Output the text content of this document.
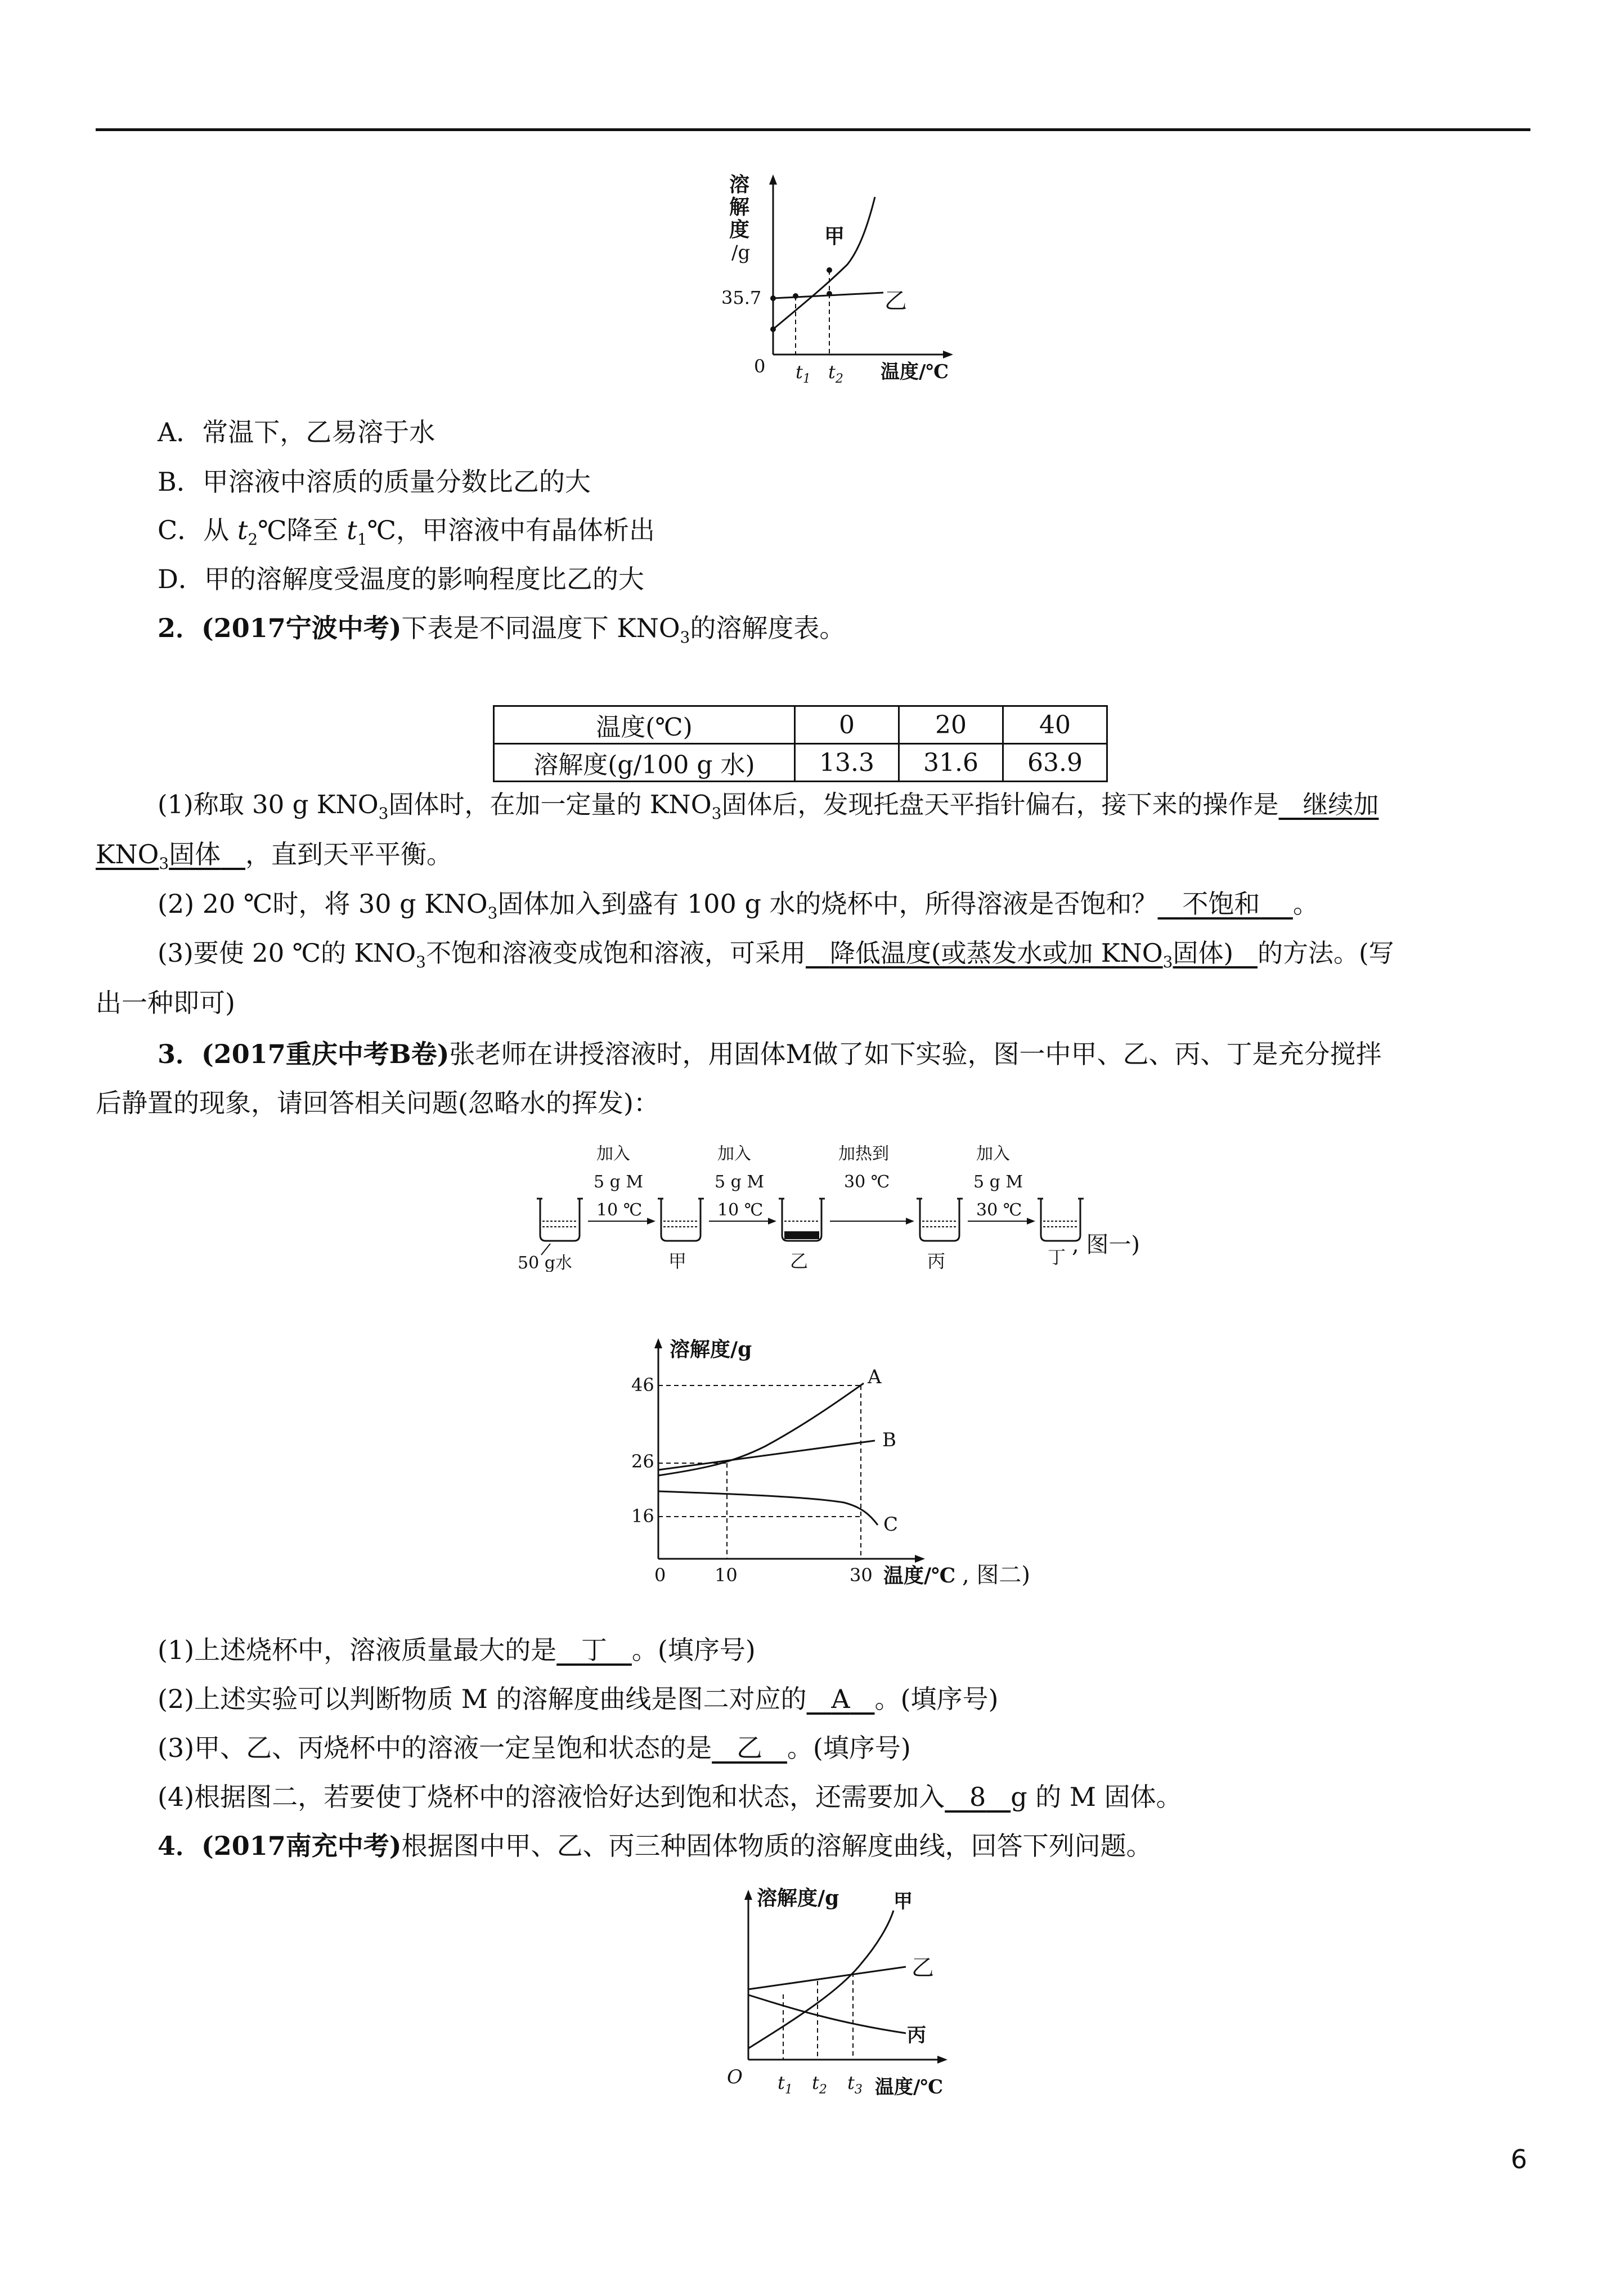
溶
解
度
/g
35.7
0 $t_1$ $t_2$ 温度/℃
甲
乙
A．常温下，乙易溶于水
B．甲溶液中溶质的质量分数比乙的大
C．从 $t_2℃$降至 $t_1℃$，甲溶液中有晶体析出
D．甲的溶解度受温度的影响程度比乙的大
2．(2017宁波中考)下表是不同温度下 $KNO_3$的溶解度表。
温度(℃)	0	20	40
溶解度(g/100 g 水)	13.3	31.6	63.9
(1)称取 30 g $KNO_3$固体时，在加一定量的 $KNO_3$固体后，发现托盘天平指针偏右，接下来的操作是 继续加
$KNO_3$固体 ，直到天平平衡。
(2) 20 ℃时，将 30 g $KNO_3$固体加入到盛有 100 g 水的烧杯中，所得溶液是否饱和？ 不饱和 。
(3)要使 20 ℃的 $KNO_3$不饱和溶液变成饱和溶液，可采用 降低温度(或蒸发水或加 $KNO_3$固体) 的方法。(写
出一种即可)
3．(2017重庆中考B卷)张老师在讲授溶液时，用固体M做了如下实验，图一中甲、乙、丙、丁是充分搅拌
后静置的现象，请回答相关问题(忽略水的挥发)：
50 g水
加入
5 g M
10 ℃
甲
加入
5 g M
10 ℃
乙
加热到
30 ℃
丙
加入
5 g M
30 ℃
丁 , 图一)
溶解度/g
46
26
16
0	10	30 温度/℃ , 图二)
A
B
C
(1)上述烧杯中，溶液质量最大的是 丁 。(填序号)
(2)上述实验可以判断物质 M 的溶解度曲线是图二对应的 A 。(填序号)
(3)甲、乙、丙烧杯中的溶液一定呈饱和状态的是 乙 。(填序号)
(4)根据图二，若要使丁烧杯中的溶液恰好达到饱和状态，还需要加入 8 g 的 M 固体。
4．(2017南充中考)根据图中甲、乙、丙三种固体物质的溶解度曲线，回答下列问题。
溶解度/g
O $t_1$ $t_2$ $t_3$ 温度/℃
甲
乙
丙
6
